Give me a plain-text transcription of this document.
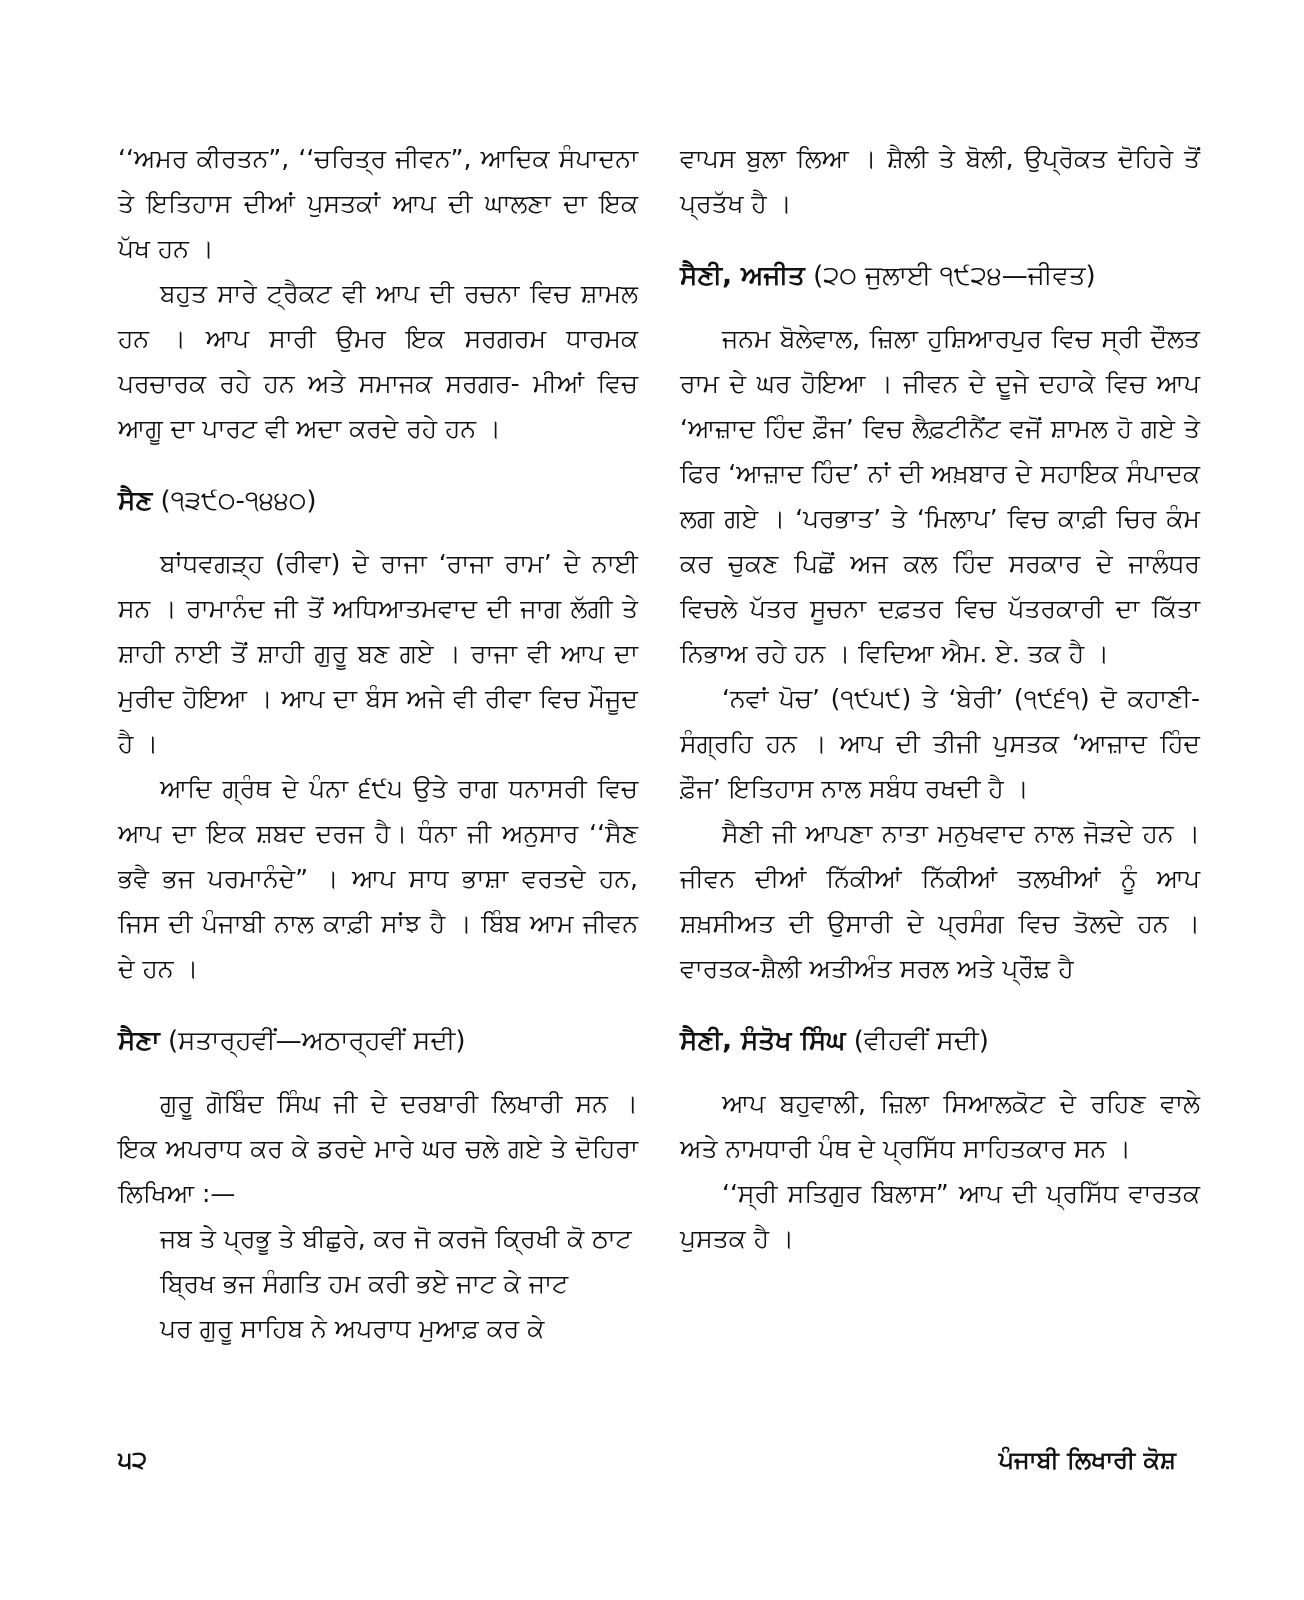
‘‘ਅਮਰ ਕੀਰਤਨ”, ‘‘ਚਰਿਤ੍ਰ ਜੀਵਨ”, ਆਦਿਕ ਸੰਪਾਦਨਾ ਤੇ ਇਤਿਹਾਸ ਦੀਆਂ ਪੁਸਤਕਾਂ ਆਪ ਦੀ ਘਾਲਣਾ ਦਾ ਇਕ ਪੱਖ ਹਨ ।

ਬਹੁਤ ਸਾਰੇ ਟ੍ਰੈਕਟ ਵੀ ਆਪ ਦੀ ਰਚਨਾ ਵਿਚ ਸ਼ਾਮਲ ਹਨ । ਆਪ ਸਾਰੀ ਉਮਰ ਇਕ ਸਰਗਰਮ ਧਾਰਮਕ ਪਰਚਾਰਕ ਰਹੇ ਹਨ ਅਤੇ ਸਮਾਜਕ ਸਰਗਰ- ਮੀਆਂ ਵਿਚ ਆਗੂ ਦਾ ਪਾਰਟ ਵੀ ਅਦਾ ਕਰਦੇ ਰਹੇ ਹਨ ।

ਸੈਣ (੧੩੯੦-੧੪੪੦)

ਬਾਂਧਵਗੜ੍ਹ (ਰੀਵਾ) ਦੇ ਰਾਜਾ ‘ਰਾਜਾ ਰਾਮ’ ਦੇ ਨਾਈ ਸਨ । ਰਾਮਾਨੰਦ ਜੀ ਤੋਂ ਅਧਿਆਤਮਵਾਦ ਦੀ ਜਾਗ ਲੱਗੀ ਤੇ ਸ਼ਾਹੀ ਨਾਈ ਤੋਂ ਸ਼ਾਹੀ ਗੁਰੂ ਬਣ ਗਏ । ਰਾਜਾ ਵੀ ਆਪ ਦਾ ਮੁਰੀਦ ਹੋਇਆ । ਆਪ ਦਾ ਬੰਸ ਅਜੇ ਵੀ ਰੀਵਾ ਵਿਚ ਮੌਜੂਦ ਹੈ ।

ਆਦਿ ਗ੍ਰੰਥ ਦੇ ਪੰਨਾ ੬੯੫ ਉਤੇ ਰਾਗ ਧਨਾਸਰੀ ਵਿਚ ਆਪ ਦਾ ਇਕ ਸ਼ਬਦ ਦਰਜ ਹੈ। ਧੰਨਾ ਜੀ ਅਨੁਸਾਰ ‘‘ਸੈਣ ਭਵੈ ਭਜ ਪਰਮਾਨੰਦੇ” । ਆਪ ਸਾਧ ਭਾਸ਼ਾ ਵਰਤਦੇ ਹਨ, ਜਿਸ ਦੀ ਪੰਜਾਬੀ ਨਾਲ ਕਾਫ਼ੀ ਸਾਂਝ ਹੈ । ਬਿੰਬ ਆਮ ਜੀਵਨ ਦੇ ਹਨ ।

ਸੈਣਾ (ਸਤਾਰ੍ਹਵੀਂ—ਅਠਾਰ੍ਹਵੀਂ ਸਦੀ)

ਗੁਰੂ ਗੋਬਿੰਦ ਸਿੰਘ ਜੀ ਦੇ ਦਰਬਾਰੀ ਲਿਖਾਰੀ ਸਨ । ਇਕ ਅਪਰਾਧ ਕਰ ਕੇ ਡਰਦੇ ਮਾਰੇ ਘਰ ਚਲੇ ਗਏ ਤੇ ਦੋਹਿਰਾ ਲਿਖਿਆ :—

ਜਬ ਤੇ ਪ੍ਰਭੂ ਤੇ ਬੀਛੁਰੇ, ਕਰ ਜੋ ਕਰਜੋ ਕ੍ਰਿਖੀ ਕੋ ਠਾਟ
ਬ੍ਰਿਖ ਭਜ ਸੰਗਤਿ ਹਮ ਕਰੀ ਭਏ ਜਾਟ ਕੇ ਜਾਟ
ਪਰ ਗੁਰੂ ਸਾਹਿਬ ਨੇ ਅਪਰਾਧ ਮੁਆਫ਼ ਕਰ ਕੇ

ਵਾਪਸ ਬੁਲਾ ਲਿਆ । ਸ਼ੈਲੀ ਤੇ ਬੋਲੀ, ਉਪ੍ਰੋਕਤ ਦੋਹਿਰੇ ਤੋਂ ਪ੍ਰਤੱਖ ਹੈ ।

ਸੈਣੀ, ਅਜੀਤ (੨੦ ਜੁਲਾਈ ੧੯੨੪—ਜੀਵਤ)

ਜਨਮ ਬੋਲੇਵਾਲ, ਜ਼ਿਲਾ ਹੁਸ਼ਿਆਰਪੁਰ ਵਿਚ ਸ੍ਰੀ ਦੌਲਤ ਰਾਮ ਦੇ ਘਰ ਹੋਇਆ । ਜੀਵਨ ਦੇ ਦੂਜੇ ਦਹਾਕੇ ਵਿਚ ਆਪ ‘ਆਜ਼ਾਦ ਹਿੰਦ ਫ਼ੌਜ’ ਵਿਚ ਲੈਫ਼ਟੀਨੈਂਟ ਵਜੋਂ ਸ਼ਾਮਲ ਹੋ ਗਏ ਤੇ ਫਿਰ ‘ਆਜ਼ਾਦ ਹਿੰਦ’ ਨਾਂ ਦੀ ਅਖ਼ਬਾਰ ਦੇ ਸਹਾਇਕ ਸੰਪਾਦਕ ਲਗ ਗਏ । ‘ਪਰਭਾਤ’ ਤੇ ‘ਮਿਲਾਪ’ ਵਿਚ ਕਾਫ਼ੀ ਚਿਰ ਕੰਮ ਕਰ ਚੁਕਣ ਪਿਛੋਂ ਅਜ ਕਲ ਹਿੰਦ ਸਰਕਾਰ ਦੇ ਜਾਲੰਧਰ ਵਿਚਲੇ ਪੱਤਰ ਸੂਚਨਾ ਦਫ਼ਤਰ ਵਿਚ ਪੱਤਰਕਾਰੀ ਦਾ ਕਿੱਤਾ ਨਿਭਾਅ ਰਹੇ ਹਨ । ਵਿਦਿਆ ਐਮ. ਏ. ਤਕ ਹੈ ।

‘ਨਵਾਂ ਪੋਚ’ (੧੯੫੯) ਤੇ ‘ਬੇਰੀ’ (੧੯੬੧) ਦੋ ਕਹਾਣੀ-ਸੰਗ੍ਰਹਿ ਹਨ । ਆਪ ਦੀ ਤੀਜੀ ਪੁਸਤਕ ‘ਆਜ਼ਾਦ ਹਿੰਦ ਫ਼ੌਜ’ ਇਤਿਹਾਸ ਨਾਲ ਸਬੰਧ ਰਖਦੀ ਹੈ ।

ਸੈਣੀ ਜੀ ਆਪਣਾ ਨਾਤਾ ਮਨੁਖਵਾਦ ਨਾਲ ਜੋੜਦੇ ਹਨ । ਜੀਵਨ ਦੀਆਂ ਨਿੱਕੀਆਂ ਨਿੱਕੀਆਂ ਤਲਖੀਆਂ ਨੂੰ ਆਪ ਸ਼ਖ਼ਸੀਅਤ ਦੀ ਉਸਾਰੀ ਦੇ ਪ੍ਰਸੰਗ ਵਿਚ ਤੋਲਦੇ ਹਨ । ਵਾਰਤਕ-ਸ਼ੈਲੀ ਅਤੀਅੰਤ ਸਰਲ ਅਤੇ ਪ੍ਰੌਢ਼ ਹੈ

ਸੈਣੀ, ਸੰਤੋਖ ਸਿੰਘ (ਵੀਹਵੀਂ ਸਦੀ)

ਆਪ ਬਹੁਵਾਲੀ, ਜ਼ਿਲਾ ਸਿਆਲਕੋਟ ਦੇ ਰਹਿਣ ਵਾਲੇ ਅਤੇ ਨਾਮਧਾਰੀ ਪੰਥ ਦੇ ਪ੍ਰਸਿੱਧ ਸਾਹਿਤਕਾਰ ਸਨ ।

‘‘ਸ੍ਰੀ ਸਤਿਗੁਰ ਬਿਲਾਸ” ਆਪ ਦੀ ਪ੍ਰਸਿੱਧ ਵਾਰਤਕ ਪੁਸਤਕ ਹੈ ।

੫੨	ਪੰਜਾਬੀ ਲਿਖਾਰੀ ਕੋਸ਼
